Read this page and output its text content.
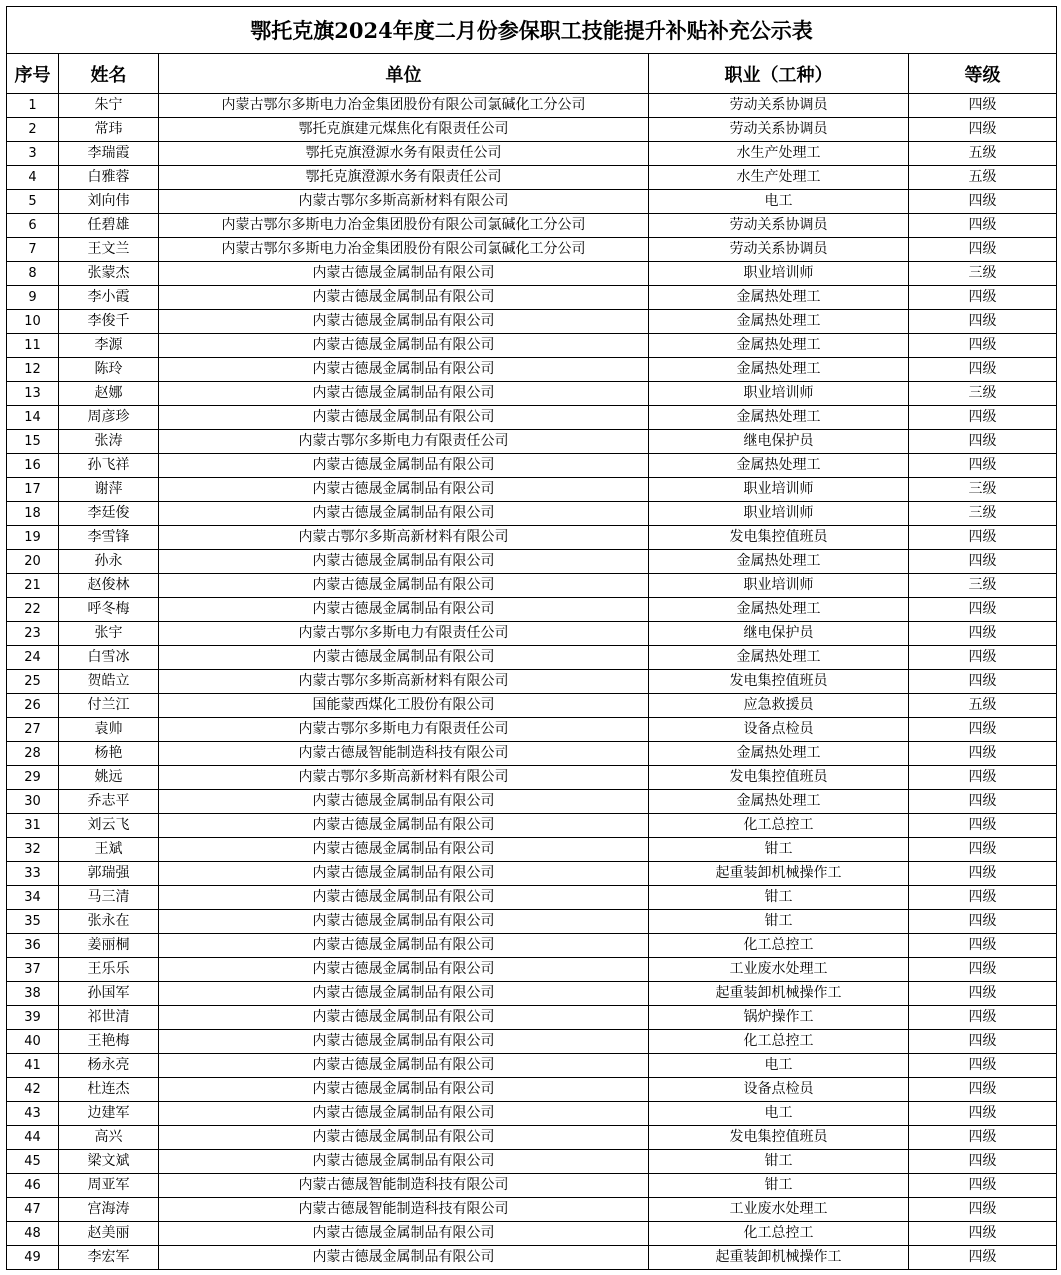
鄂托克旗2024年度二月份参保职工技能提升补贴补充公示表				
序号	姓名	单位	职业（工种）	等级
1	朱宁	内蒙古鄂尔多斯电力冶金集团股份有限公司氯碱化工分公司	劳动关系协调员	四级
2	常玮	鄂托克旗建元煤焦化有限责任公司	劳动关系协调员	四级
3	李瑞霞	鄂托克旗澄源水务有限责任公司	水生产处理工	五级
4	白雅蓉	鄂托克旗澄源水务有限责任公司	水生产处理工	五级
5	刘向伟	内蒙古鄂尔多斯高新材料有限公司	电工	四级
6	任碧雄	内蒙古鄂尔多斯电力冶金集团股份有限公司氯碱化工分公司	劳动关系协调员	四级
7	王文兰	内蒙古鄂尔多斯电力冶金集团股份有限公司氯碱化工分公司	劳动关系协调员	四级
8	张蒙杰	内蒙古德晟金属制品有限公司	职业培训师	三级
9	李小霞	内蒙古德晟金属制品有限公司	金属热处理工	四级
10	李俊千	内蒙古德晟金属制品有限公司	金属热处理工	四级
11	李源	内蒙古德晟金属制品有限公司	金属热处理工	四级
12	陈玲	内蒙古德晟金属制品有限公司	金属热处理工	四级
13	赵娜	内蒙古德晟金属制品有限公司	职业培训师	三级
14	周彦珍	内蒙古德晟金属制品有限公司	金属热处理工	四级
15	张涛	内蒙古鄂尔多斯电力有限责任公司	继电保护员	四级
16	孙飞祥	内蒙古德晟金属制品有限公司	金属热处理工	四级
17	谢萍	内蒙古德晟金属制品有限公司	职业培训师	三级
18	李廷俊	内蒙古德晟金属制品有限公司	职业培训师	三级
19	李雪锋	内蒙古鄂尔多斯高新材料有限公司	发电集控值班员	四级
20	孙永	内蒙古德晟金属制品有限公司	金属热处理工	四级
21	赵俊林	内蒙古德晟金属制品有限公司	职业培训师	三级
22	呼冬梅	内蒙古德晟金属制品有限公司	金属热处理工	四级
23	张宇	内蒙古鄂尔多斯电力有限责任公司	继电保护员	四级
24	白雪冰	内蒙古德晟金属制品有限公司	金属热处理工	四级
25	贺皓立	内蒙古鄂尔多斯高新材料有限公司	发电集控值班员	四级
26	付兰江	国能蒙西煤化工股份有限公司	应急救援员	五级
27	袁帅	内蒙古鄂尔多斯电力有限责任公司	设备点检员	四级
28	杨艳	内蒙古德晟智能制造科技有限公司	金属热处理工	四级
29	姚远	内蒙古鄂尔多斯高新材料有限公司	发电集控值班员	四级
30	乔志平	内蒙古德晟金属制品有限公司	金属热处理工	四级
31	刘云飞	内蒙古德晟金属制品有限公司	化工总控工	四级
32	王斌	内蒙古德晟金属制品有限公司	钳工	四级
33	郭瑞强	内蒙古德晟金属制品有限公司	起重装卸机械操作工	四级
34	马三清	内蒙古德晟金属制品有限公司	钳工	四级
35	张永在	内蒙古德晟金属制品有限公司	钳工	四级
36	姜丽桐	内蒙古德晟金属制品有限公司	化工总控工	四级
37	王乐乐	内蒙古德晟金属制品有限公司	工业废水处理工	四级
38	孙国军	内蒙古德晟金属制品有限公司	起重装卸机械操作工	四级
39	祁世清	内蒙古德晟金属制品有限公司	锅炉操作工	四级
40	王艳梅	内蒙古德晟金属制品有限公司	化工总控工	四级
41	杨永亮	内蒙古德晟金属制品有限公司	电工	四级
42	杜连杰	内蒙古德晟金属制品有限公司	设备点检员	四级
43	边建军	内蒙古德晟金属制品有限公司	电工	四级
44	高兴	内蒙古德晟金属制品有限公司	发电集控值班员	四级
45	梁文斌	内蒙古德晟金属制品有限公司	钳工	四级
46	周亚军	内蒙古德晟智能制造科技有限公司	钳工	四级
47	宫海涛	内蒙古德晟智能制造科技有限公司	工业废水处理工	四级
48	赵美丽	内蒙古德晟金属制品有限公司	化工总控工	四级
49	李宏军	内蒙古德晟金属制品有限公司	起重装卸机械操作工	四级
